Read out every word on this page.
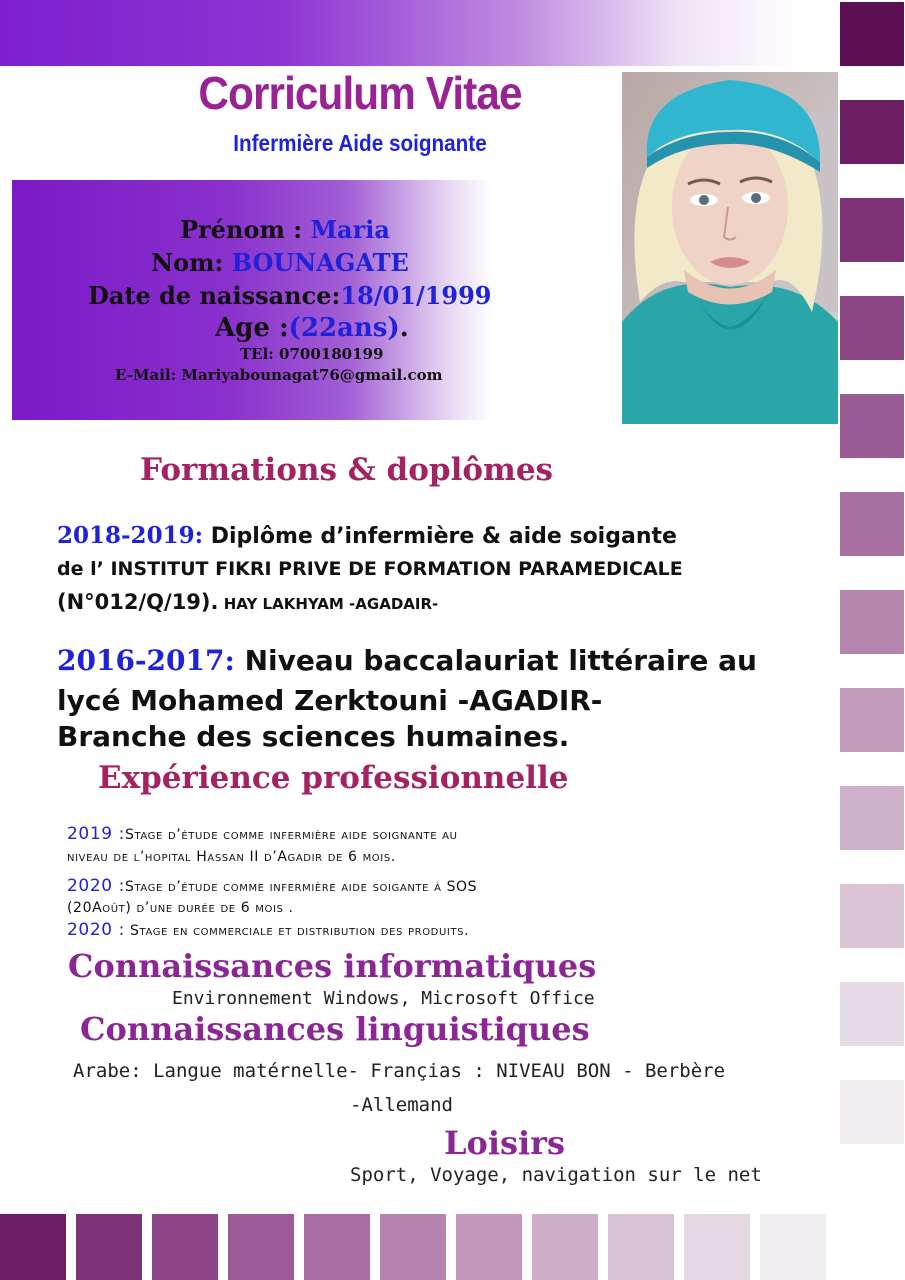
Corriculum Vitae
Infermière Aide soignante
Prénom : Maria
Nom: BOUNAGATE
Date de naissance:18/01/1999
Age :(22ans).
TEl: 0700180199
E-Mail: Mariyabounagat76@gmail.com
Formations & doplômes
2018-2019: Diplôme d’infermière & aide soigante
de l’ INSTITUT FIKRI PRIVE DE FORMATION PARAMEDICALE
(N°012/Q/19). HAY LAKHYAM -AGADAIR-
2016-2017: Niveau baccalauriat littéraire au
lycé Mohamed Zerktouni -AGADIR-
Branche des sciences humaines.
Expérience professionnelle
2019 :Stage d’étude comme infermière aide soignante au
niveau de l’hopital Hassan II d’Agadir de 6 mois.
2020 :Stage d’étude comme infermière aide soigante à SOS
(20Août) d’une durée de 6 mois .
2020 : Stage en commerciale et distribution des produits.
Connaissances informatiques
Environnement Windows, Microsoft Office
Connaissances linguistiques
Arabe: Langue matérnelle- Françias : NIVEAU BON - Berbère
-Allemand
Loisirs
Sport, Voyage, navigation sur le net
